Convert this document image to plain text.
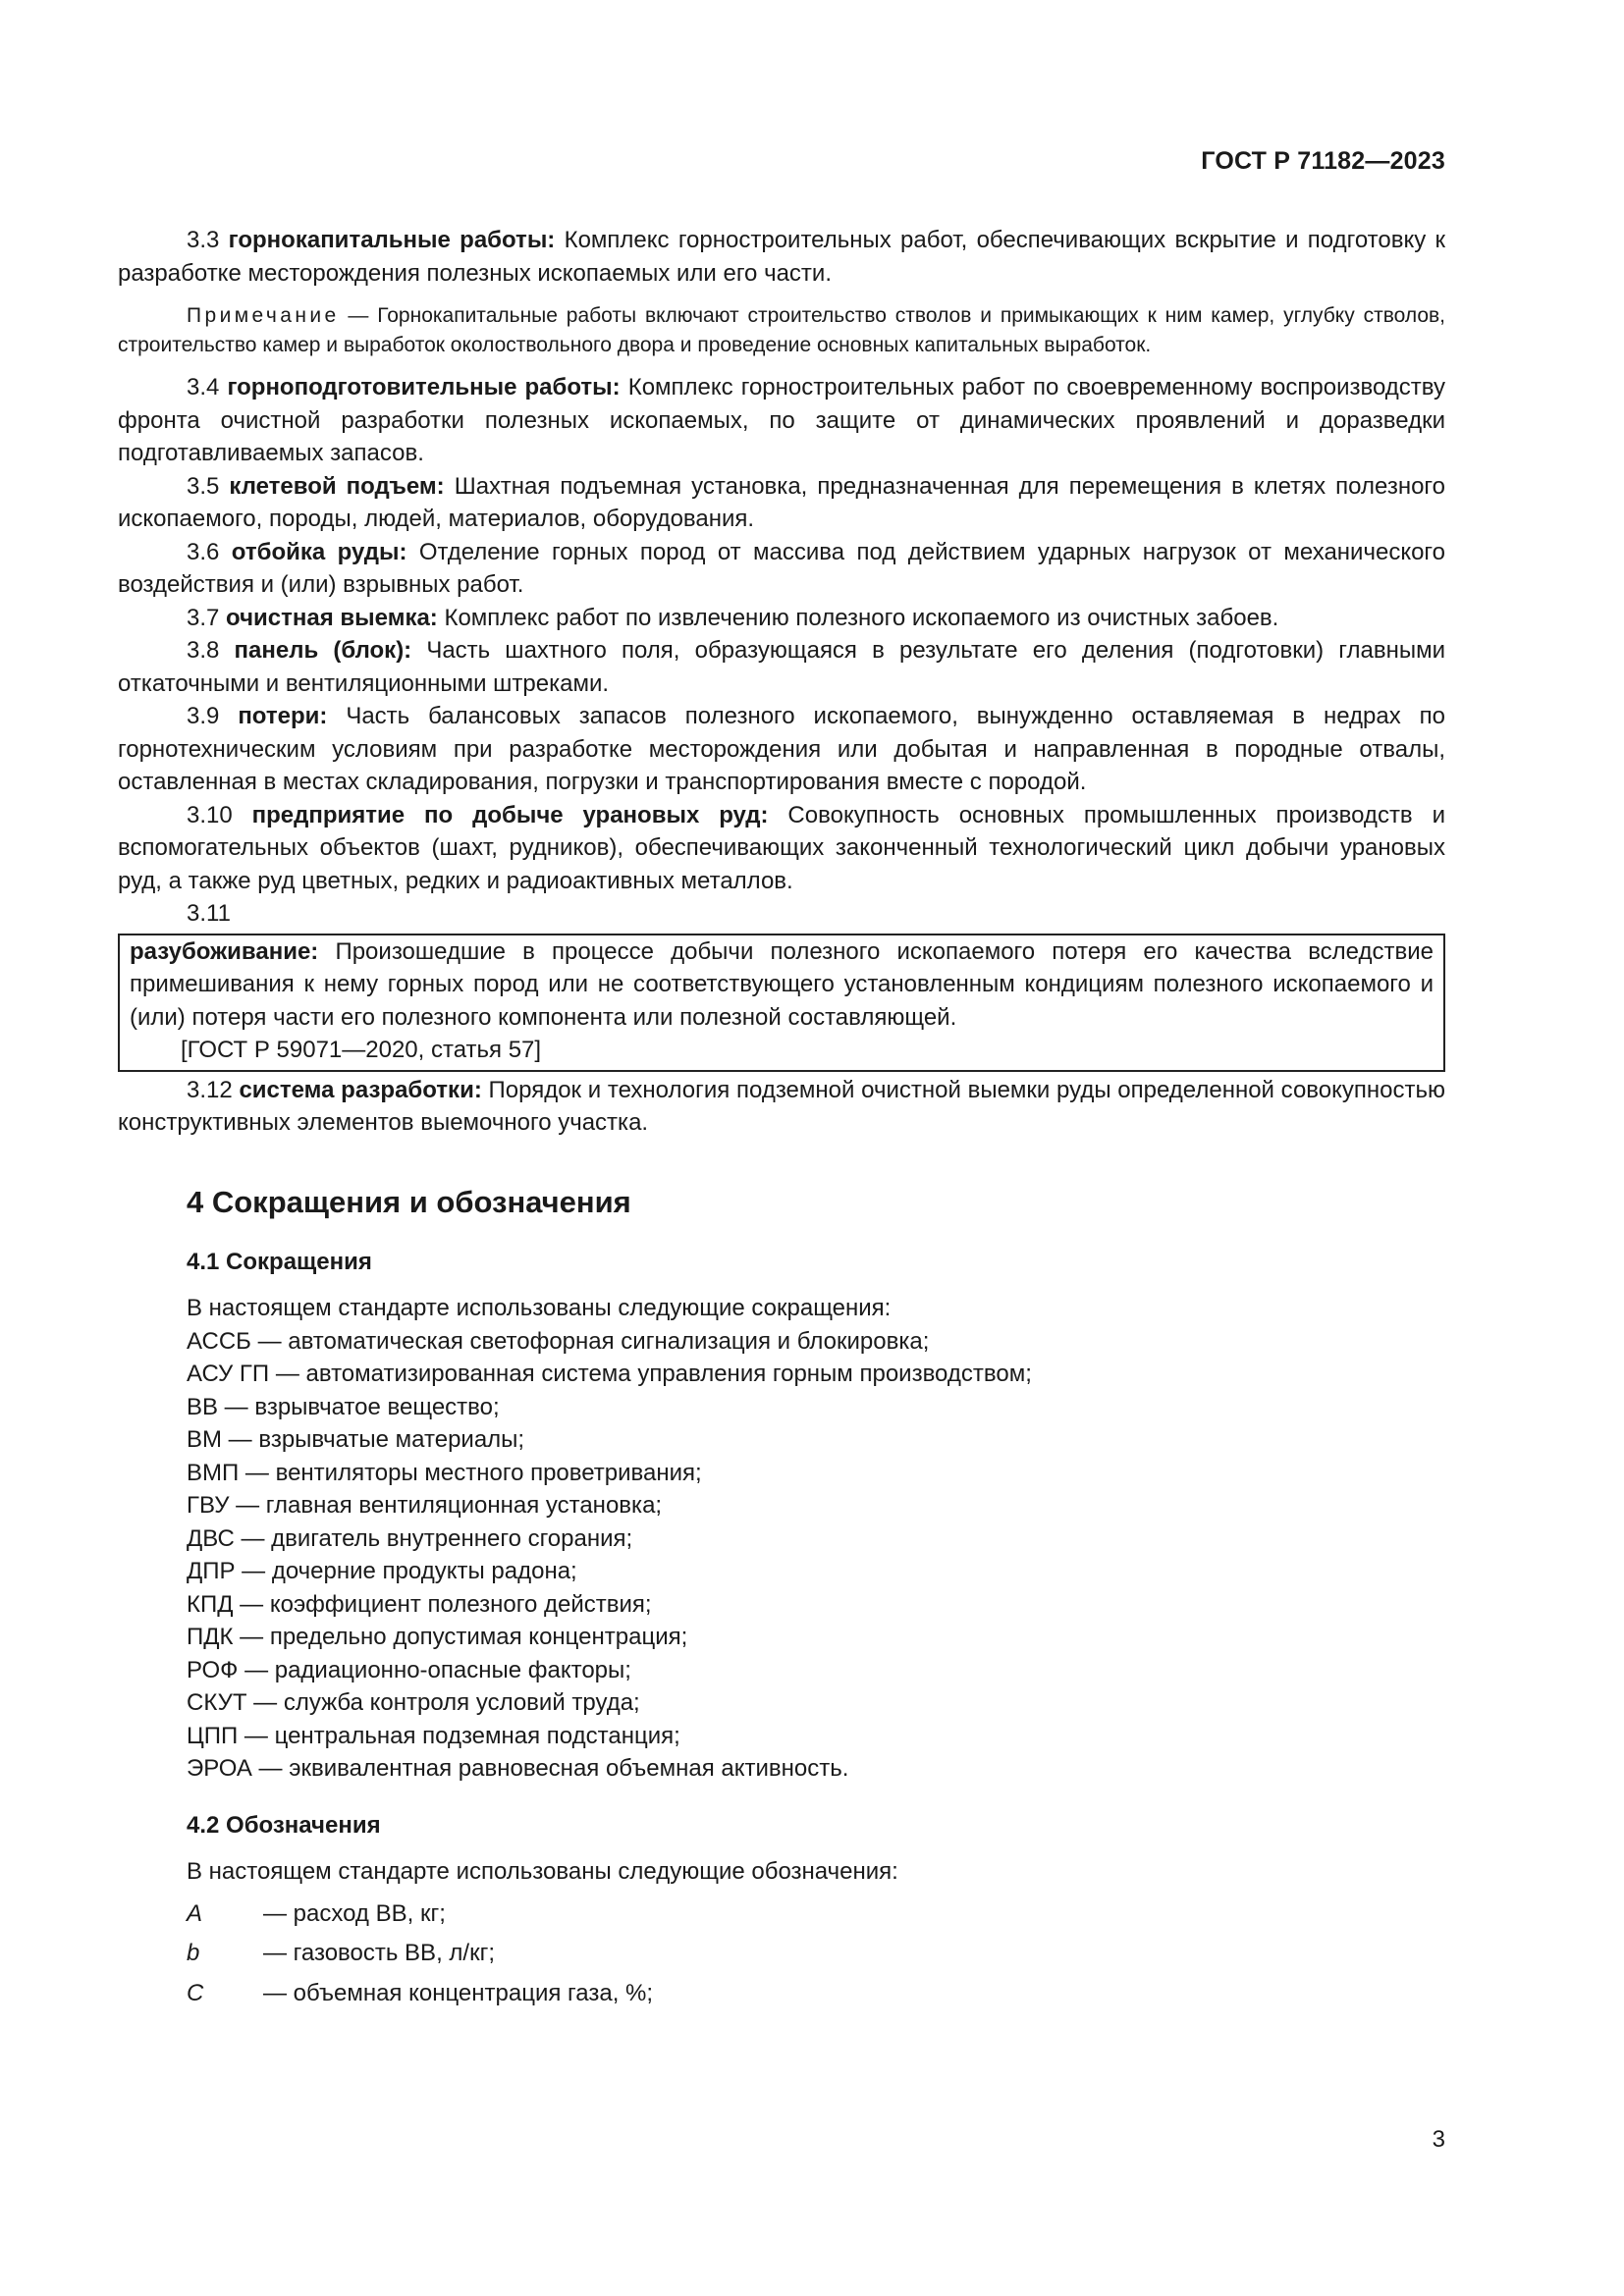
ГОСТ Р 71182—2023

3.3 горнокапитальные работы: Комплекс горностроительных работ, обеспечивающих вскрытие и подготовку к разработке месторождения полезных ископаемых или его части.

Примечание — Горнокапитальные работы включают строительство стволов и примыкающих к ним камер, углубку стволов, строительство камер и выработок околоствольного двора и проведение основных капитальных выработок.

3.4 горноподготовительные работы: Комплекс горностроительных работ по своевременному воспроизводству фронта очистной разработки полезных ископаемых, по защите от динамических проявлений и доразведки подготавливаемых запасов.

3.5 клетевой подъем: Шахтная подъемная установка, предназначенная для перемещения в клетях полезного ископаемого, породы, людей, материалов, оборудования.

3.6 отбойка руды: Отделение горных пород от массива под действием ударных нагрузок от механического воздействия и (или) взрывных работ.

3.7 очистная выемка: Комплекс работ по извлечению полезного ископаемого из очистных забоев.

3.8 панель (блок): Часть шахтного поля, образующаяся в результате его деления (подготовки) главными откаточными и вентиляционными штреками.

3.9 потери: Часть балансовых запасов полезного ископаемого, вынужденно оставляемая в недрах по горнотехническим условиям при разработке месторождения или добытая и направленная в породные отвалы, оставленная в местах складирования, погрузки и транспортирования вместе с породой.

3.10 предприятие по добыче урановых руд: Совокупность основных промышленных производств и вспомогательных объектов (шахт, рудников), обеспечивающих законченный технологический цикл добычи урановых руд, а также руд цветных, редких и радиоактивных металлов.

3.11

разубоживание: Произошедшие в процессе добычи полезного ископаемого потеря его качества вследствие примешивания к нему горных пород или не соответствующего установленным кондициям полезного ископаемого и (или) потеря части его полезного компонента или полезной составляющей.

[ГОСТ Р 59071—2020, статья 57]

3.12 система разработки: Порядок и технология подземной очистной выемки руды определенной совокупностью конструктивных элементов выемочного участка.

4 Сокращения и обозначения
4.1 Сокращения
В настоящем стандарте использованы следующие сокращения:
АССБ — автоматическая светофорная сигнализация и блокировка;
АСУ ГП — автоматизированная система управления горным производством;
ВВ — взрывчатое вещество;
ВМ — взрывчатые материалы;
ВМП — вентиляторы местного проветривания;
ГВУ — главная вентиляционная установка;
ДВС — двигатель внутреннего сгорания;
ДПР — дочерние продукты радона;
КПД — коэффициент полезного действия;
ПДК — предельно допустимая концентрация;
РОФ — радиационно-опасные факторы;
СКУТ — служба контроля условий труда;
ЦПП — центральная подземная подстанция;
ЭРОА — эквивалентная равновесная объемная активность.
4.2 Обозначения
В настоящем стандарте использованы следующие обозначения:
A	— расход ВВ, кг;
b	— газовость ВВ, л/кг;
C	— объемная концентрация газа, %;
3
